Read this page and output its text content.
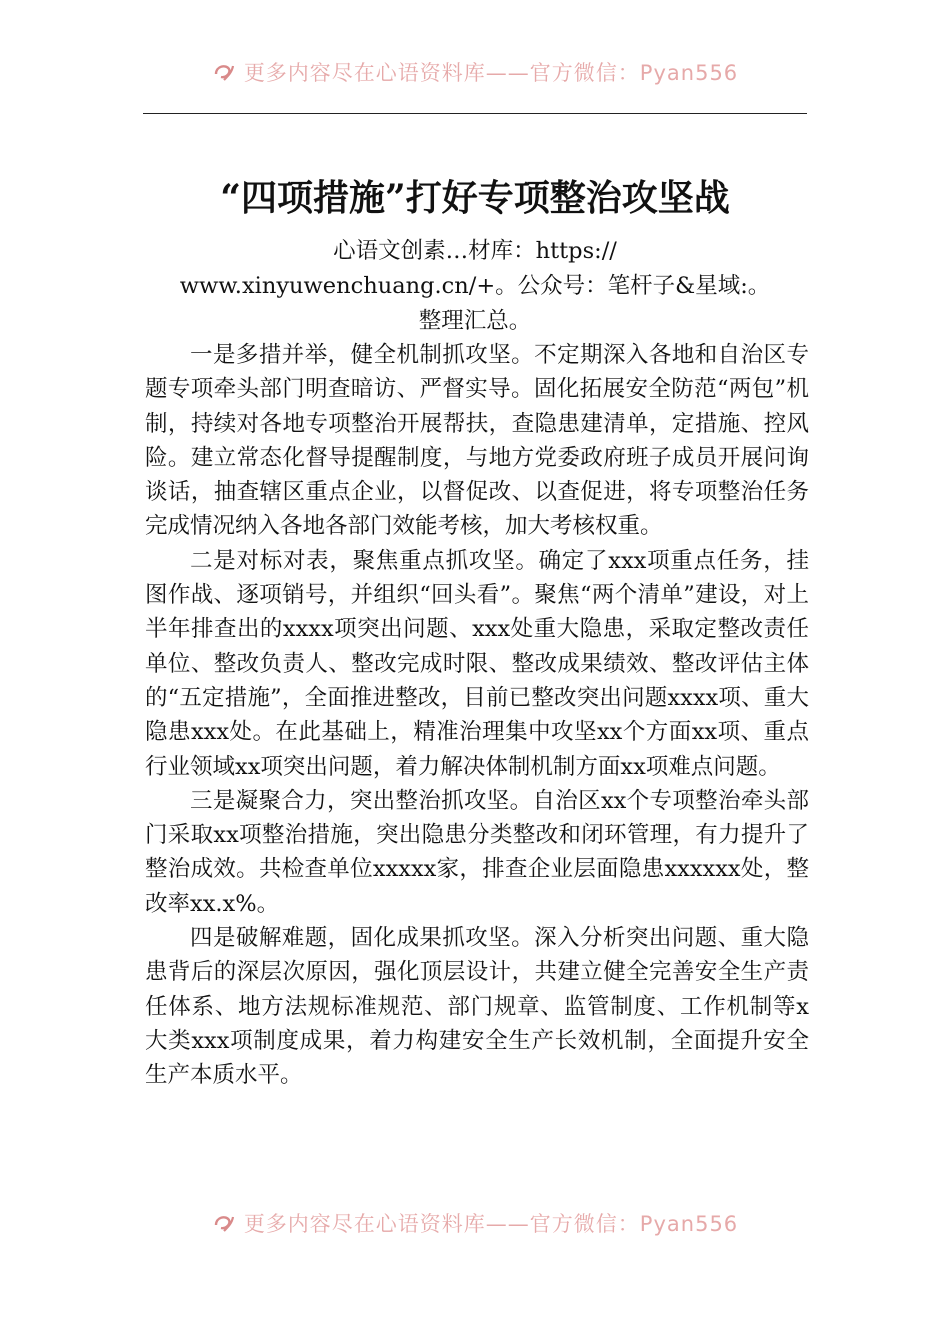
更多内容尽在心语资料库——官方微信：Pyan556
“四项措施”打好专项整治攻坚战
心语文创素…材库：https://
www.xinyuwenchuang.cn/+。公众号：笔杆子&星域:。
整理汇总。

一是多措并举，健全机制抓攻坚。不定期深入各地和自治区专题专项牵头部门明查暗访、严督实导。固化拓展安全防范“两包”机制，持续对各地专项整治开展帮扶，查隐患建清单，定措施、控风险。建立常态化督导提醒制度，与地方党委政府班子成员开展问询谈话，抽查辖区重点企业，以督促改、以查促进，将专项整治任务完成情况纳入各地各部门效能考核，加大考核权重。

二是对标对表，聚焦重点抓攻坚。确定了xxx项重点任务，挂图作战、逐项销号，并组织“回头看”。聚焦“两个清单”建设，对上半年排查出的xxxx项突出问题、xxx处重大隐患，采取定整改责任单位、整改负责人、整改完成时限、整改成果绩效、整改评估主体的“五定措施”，全面推进整改，目前已整改突出问题xxxx项、重大隐患xxx处。在此基础上，精准治理集中攻坚xx个方面xx项、重点行业领域xx项突出问题，着力解决体制机制方面xx项难点问题。

三是凝聚合力，突出整治抓攻坚。自治区xx个专项整治牵头部门采取xx项整治措施，突出隐患分类整改和闭环管理，有力提升了整治成效。共检查单位xxxxx家，排查企业层面隐患xxxxxx处，整改率xx.x%。

四是破解难题，固化成果抓攻坚。深入分析突出问题、重大隐患背后的深层次原因，强化顶层设计，共建立健全完善安全生产责任体系、地方法规标准规范、部门规章、监管制度、工作机制等x大类xxx项制度成果，着力构建安全生产长效机制，全面提升安全生产本质水平。

更多内容尽在心语资料库——官方微信：Pyan556
